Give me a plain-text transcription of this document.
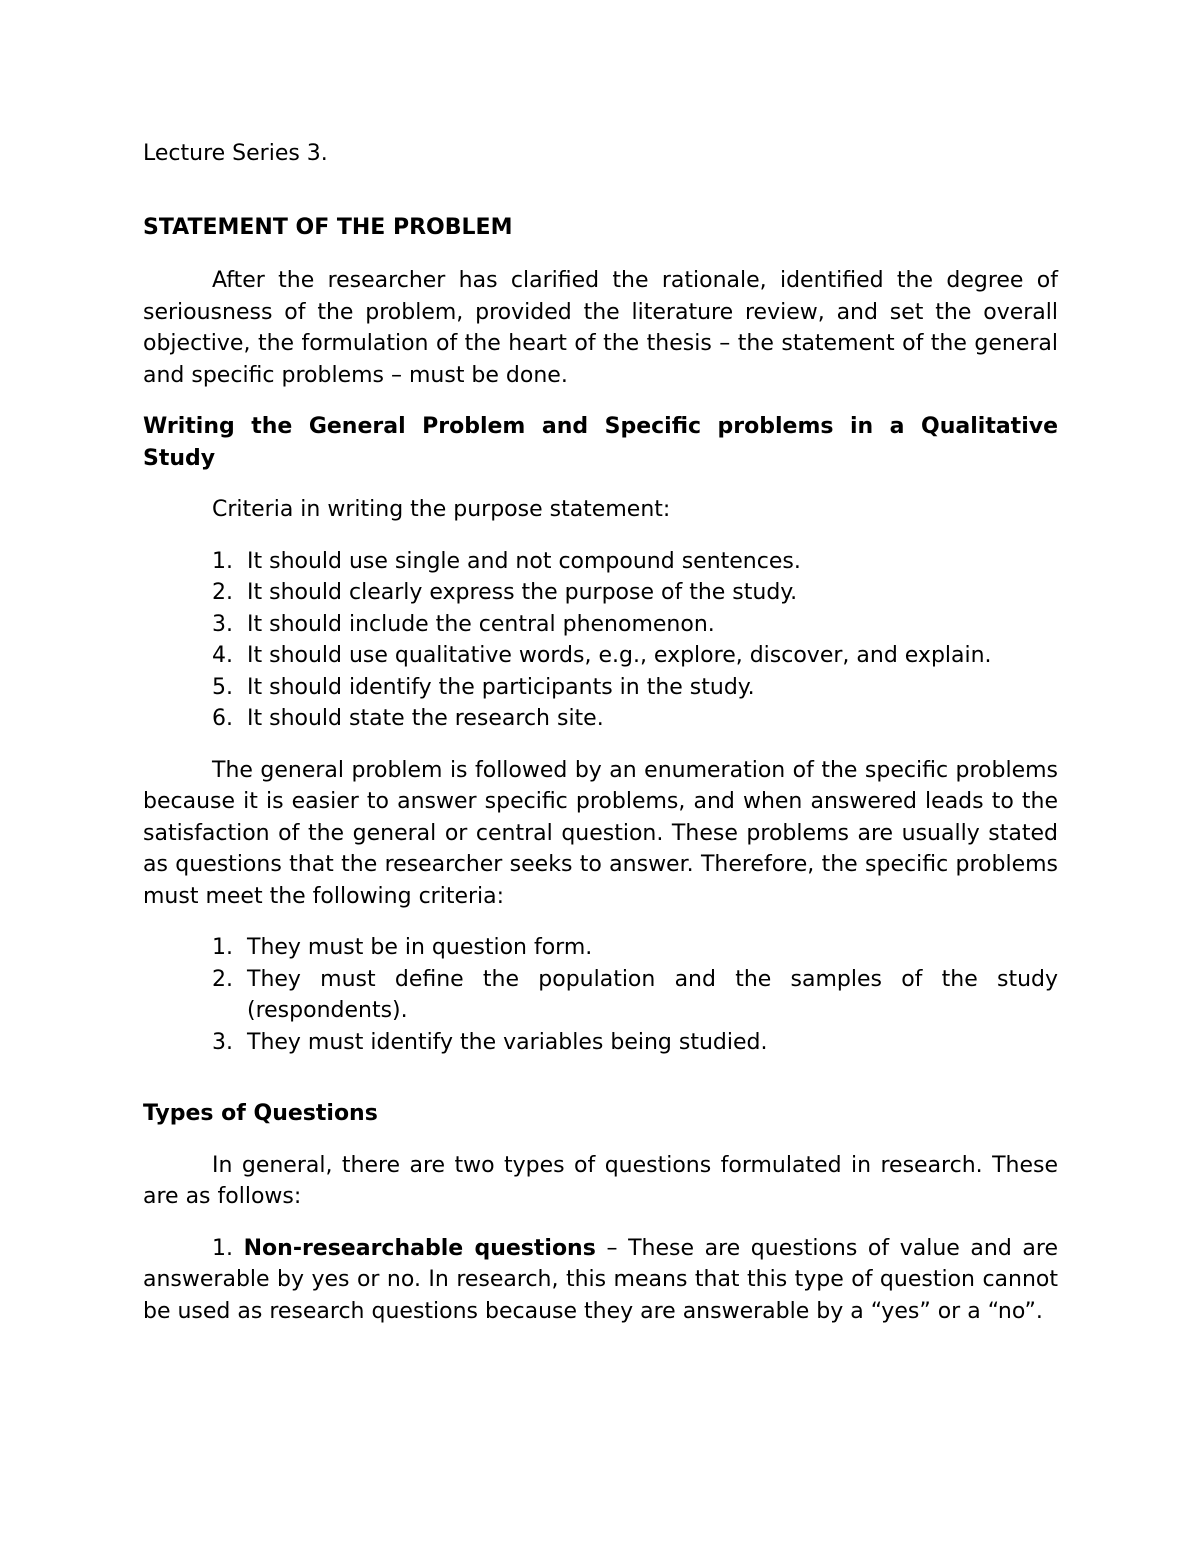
Lecture Series 3.

STATEMENT OF THE PROBLEM

After the researcher has clarified the rationale, identified the degree of seriousness of the problem, provided the literature review, and set the overall objective, the formulation of the heart of the thesis – the statement of the general and specific problems – must be done.

Writing the General Problem and Specific problems in a Qualitative Study

Criteria in writing the purpose statement:

1. It should use single and not compound sentences.
2. It should clearly express the purpose of the study.
3. It should include the central phenomenon.
4. It should use qualitative words, e.g., explore, discover, and explain.
5. It should identify the participants in the study.
6. It should state the research site.

The general problem is followed by an enumeration of the specific problems because it is easier to answer specific problems, and when answered leads to the satisfaction of the general or central question. These problems are usually stated as questions that the researcher seeks to answer. Therefore, the specific problems must meet the following criteria:

1. They must be in question form.
2. They must define the population and the samples of the study (respondents).
3. They must identify the variables being studied.

Types of Questions

In general, there are two types of questions formulated in research. These are as follows:

1. Non-researchable questions – These are questions of value and are answerable by yes or no. In research, this means that this type of question cannot be used as research questions because they are answerable by a “yes” or a “no”.
